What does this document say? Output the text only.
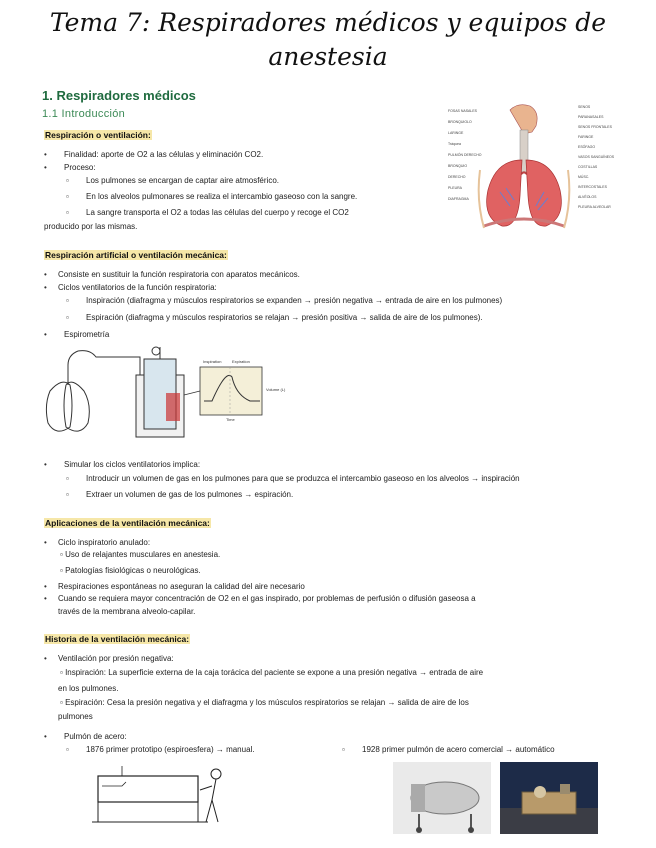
Tema 7: Respiradores médicos y equipos de
anestesia
1. Respiradores médicos
1.1 Introducción
Respiración o ventilación:
• Finalidad: aporte de O2 a las células y eliminación CO2.
• Proceso:
▫ Los pulmones se encargan de captar aire atmosférico.
▫ En los alveolos pulmonares se realiza el intercambio gaseoso con la sangre.
▫ La sangre transporta el O2 a todas las células del cuerpo y recoge el CO2
producido por las mismas.
FOSAS NASALES
BRONQUIOLO
LARINGE
Tráquea
PULMÓN DERECHO
BRONQUIO DERECHO
PLEURA
DIAFRAGMA
SENOS PARANASALES
SENOS FRONTALES
FARINGE
ESÓFAGO
VASOS SANGUÍNEOS
COSTILLAS
MÚSC. INTERCOSTALES
ALVÉOLOS
PLEURA ALVEOLAR
Respiración artificial o ventilación mecánica:
• Consiste en sustituir la función respiratoria con aparatos mecánicos.
• Ciclos ventilatorios de la función respiratoria:
▫ Inspiración (diafragma y músculos respiratorios se expanden → presión negativa → entrada de aire en los pulmones)
▫ Espiración (diafragma y músculos respiratorios se relajan → presión positiva → salida de aire de los pulmones).
• Espirometría
Inspiration	Expiration
Time
Volume (L)
• Simular los ciclos ventilatorios implica:
▫ Introducir un volumen de gas en los pulmones para que se produzca el intercambio gaseoso en los alveolos → inspiración
▫ Extraer un volumen de gas de los pulmones → espiración.
Aplicaciones de la ventilación mecánica:
• Ciclo inspiratorio anulado:
▫ Uso de relajantes musculares en anestesia.
▫ Patologías fisiológicas o neurológicas.
• Respiraciones espontáneas no aseguran la calidad del aire necesario
• Cuando se requiera mayor concentración de O2 en el gas inspirado, por problemas de perfusión o difusión gaseosa a
través de la membrana alveolo-capilar.
Historia de la ventilación mecánica:
• Ventilación por presión negativa:
▫ Inspiración: La superficie externa de la caja torácica del paciente se expone a una presión negativa → entrada de aire
en los pulmones.
▫ Espiración: Cesa la presión negativa y el diafragma y los músculos respiratorios se relajan → salida de aire de los
pulmones
• Pulmón de acero:
▫ 1876 primer prototipo (espiroesfera) → manual.	▫ 1928 primer pulmón de acero comercial → automático
